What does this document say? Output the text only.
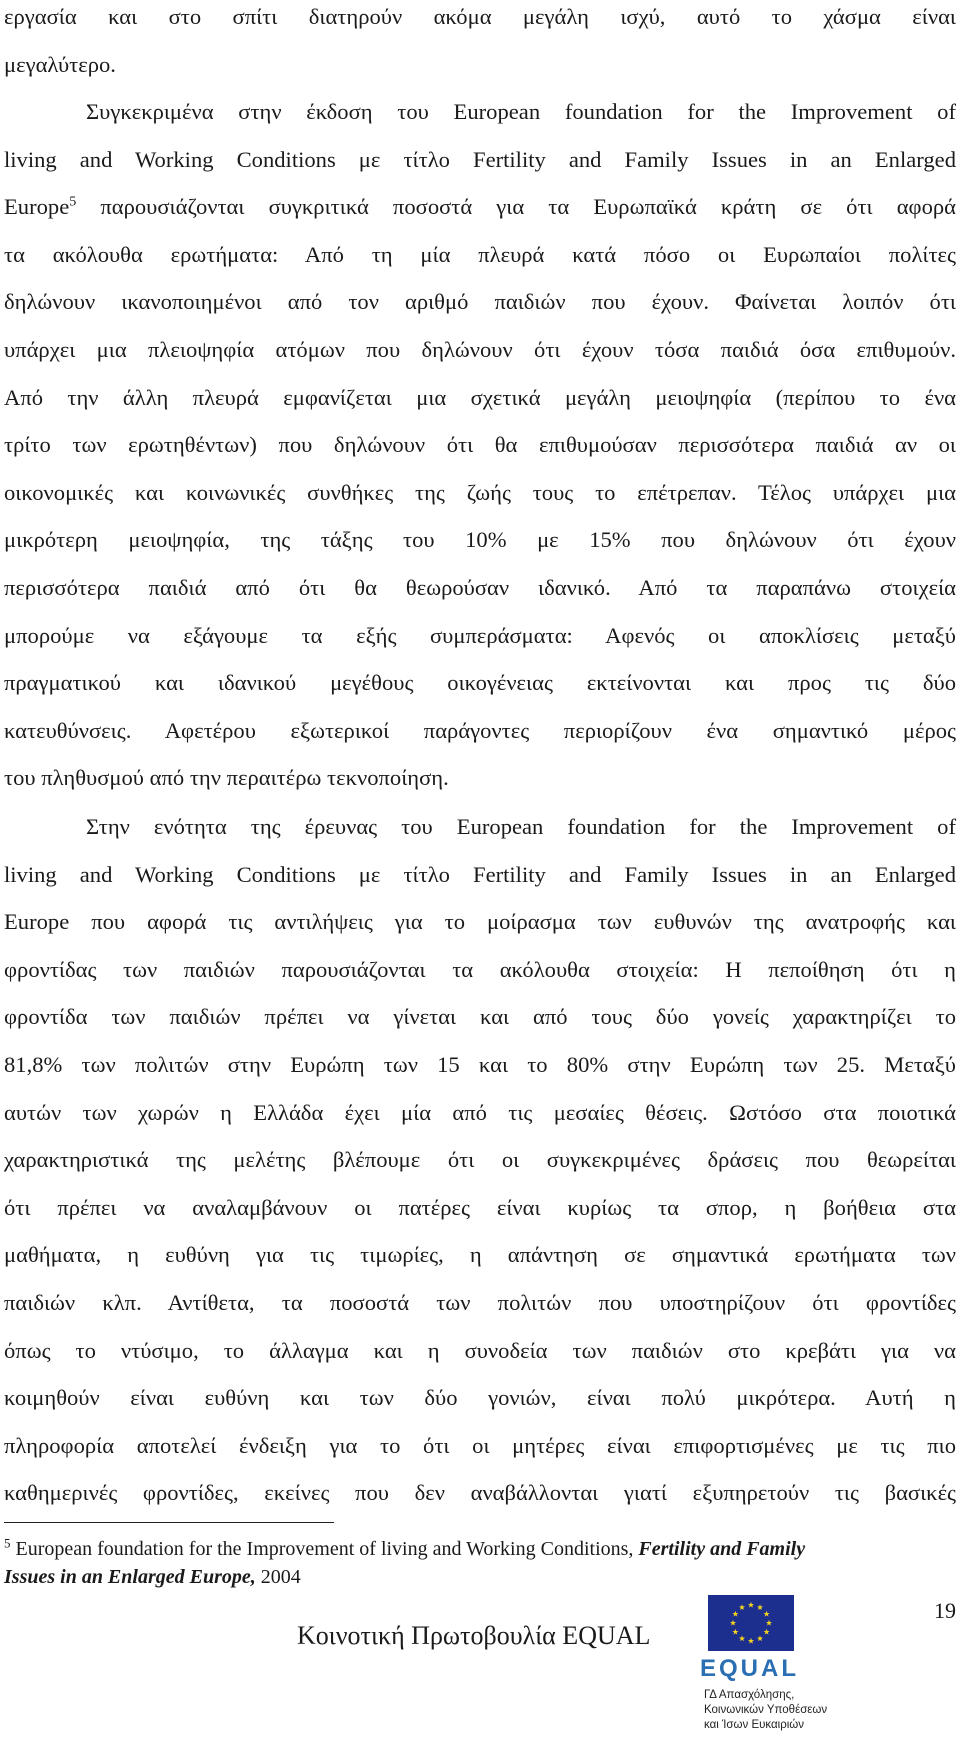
εργασία και στο σπίτι διατηρούν ακόμα μεγάλη ισχύ, αυτό το χάσμα είναι
μεγαλύτερο.

Συγκεκριμένα στην έκδοση του European foundation for the Improvement of
living and Working Conditions με τίτλο Fertility and Family Issues in an Enlarged
Europe$^5$ παρουσιάζονται συγκριτικά ποσοστά για τα Ευρωπαϊκά κράτη σε ότι αφορά
τα ακόλουθα ερωτήματα: Από τη μία πλευρά κατά πόσο οι Ευρωπαίοι πολίτες
δηλώνουν ικανοποιημένοι από τον αριθμό παιδιών που έχουν. Φαίνεται λοιπόν ότι
υπάρχει μια πλειοψηφία ατόμων που δηλώνουν ότι έχουν τόσα παιδιά όσα επιθυμούν.
Από την άλλη πλευρά εμφανίζεται μια σχετικά μεγάλη μειοψηφία (περίπου το ένα
τρίτο των ερωτηθέντων) που δηλώνουν ότι θα επιθυμούσαν περισσότερα παιδιά αν οι
οικονομικές και κοινωνικές συνθήκες της ζωής τους το επέτρεπαν. Τέλος υπάρχει μια
μικρότερη μειοψηφία, της τάξης του 10% με 15% που δηλώνουν ότι έχουν
περισσότερα παιδιά από ότι θα θεωρούσαν ιδανικό. Από τα παραπάνω στοιχεία
μπορούμε να εξάγουμε τα εξής συμπεράσματα: Αφενός οι αποκλίσεις μεταξύ
πραγματικού και ιδανικού μεγέθους οικογένειας εκτείνονται και προς τις δύο
κατευθύνσεις. Αφετέρου εξωτερικοί παράγοντες περιορίζουν ένα σημαντικό μέρος
του πληθυσμού από την περαιτέρω τεκνοποίηση.

Στην ενότητα της έρευνας του European foundation for the Improvement of
living and Working Conditions με τίτλο Fertility and Family Issues in an Enlarged
Europe που αφορά τις αντιλήψεις για το μοίρασμα των ευθυνών της ανατροφής και
φροντίδας των παιδιών παρουσιάζονται τα ακόλουθα στοιχεία: Η πεποίθηση ότι η
φροντίδα των παιδιών πρέπει να γίνεται και από τους δύο γονείς χαρακτηρίζει το
81,8% των πολιτών στην Ευρώπη των 15 και το 80% στην Ευρώπη των 25. Μεταξύ
αυτών των χωρών η Ελλάδα έχει μία από τις μεσαίες θέσεις. Ωστόσο στα ποιοτικά
χαρακτηριστικά της μελέτης βλέπουμε ότι οι συγκεκριμένες δράσεις που θεωρείται
ότι πρέπει να αναλαμβάνουν οι πατέρες είναι κυρίως τα σπορ, η βοήθεια στα
μαθήματα, η ευθύνη για τις τιμωρίες, η απάντηση σε σημαντικά ερωτήματα των
παιδιών κλπ. Αντίθετα, τα ποσοστά των πολιτών που υποστηρίζουν ότι φροντίδες
όπως το ντύσιμο, το άλλαγμα και η συνοδεία των παιδιών στο κρεβάτι για να
κοιμηθούν είναι ευθύνη και των δύο γονιών, είναι πολύ μικρότερα. Αυτή η
πληροφορία αποτελεί ένδειξη για το ότι οι μητέρες είναι επιφορτισμένες με τις πιο
καθημερινές φροντίδες, εκείνες που δεν αναβάλλονται γιατί εξυπηρετούν τις βασικές

$^5$ European foundation for the Improvement of living and Working Conditions, Fertility and Family
Issues in an Enlarged Europe, 2004
19
Κοινοτική Πρωτοβουλία EQUAL
EQUAL
ΓΔ Απασχόλησης,
Κοινωνικών Υποθέσεων
και Ίσων Ευκαιριών
